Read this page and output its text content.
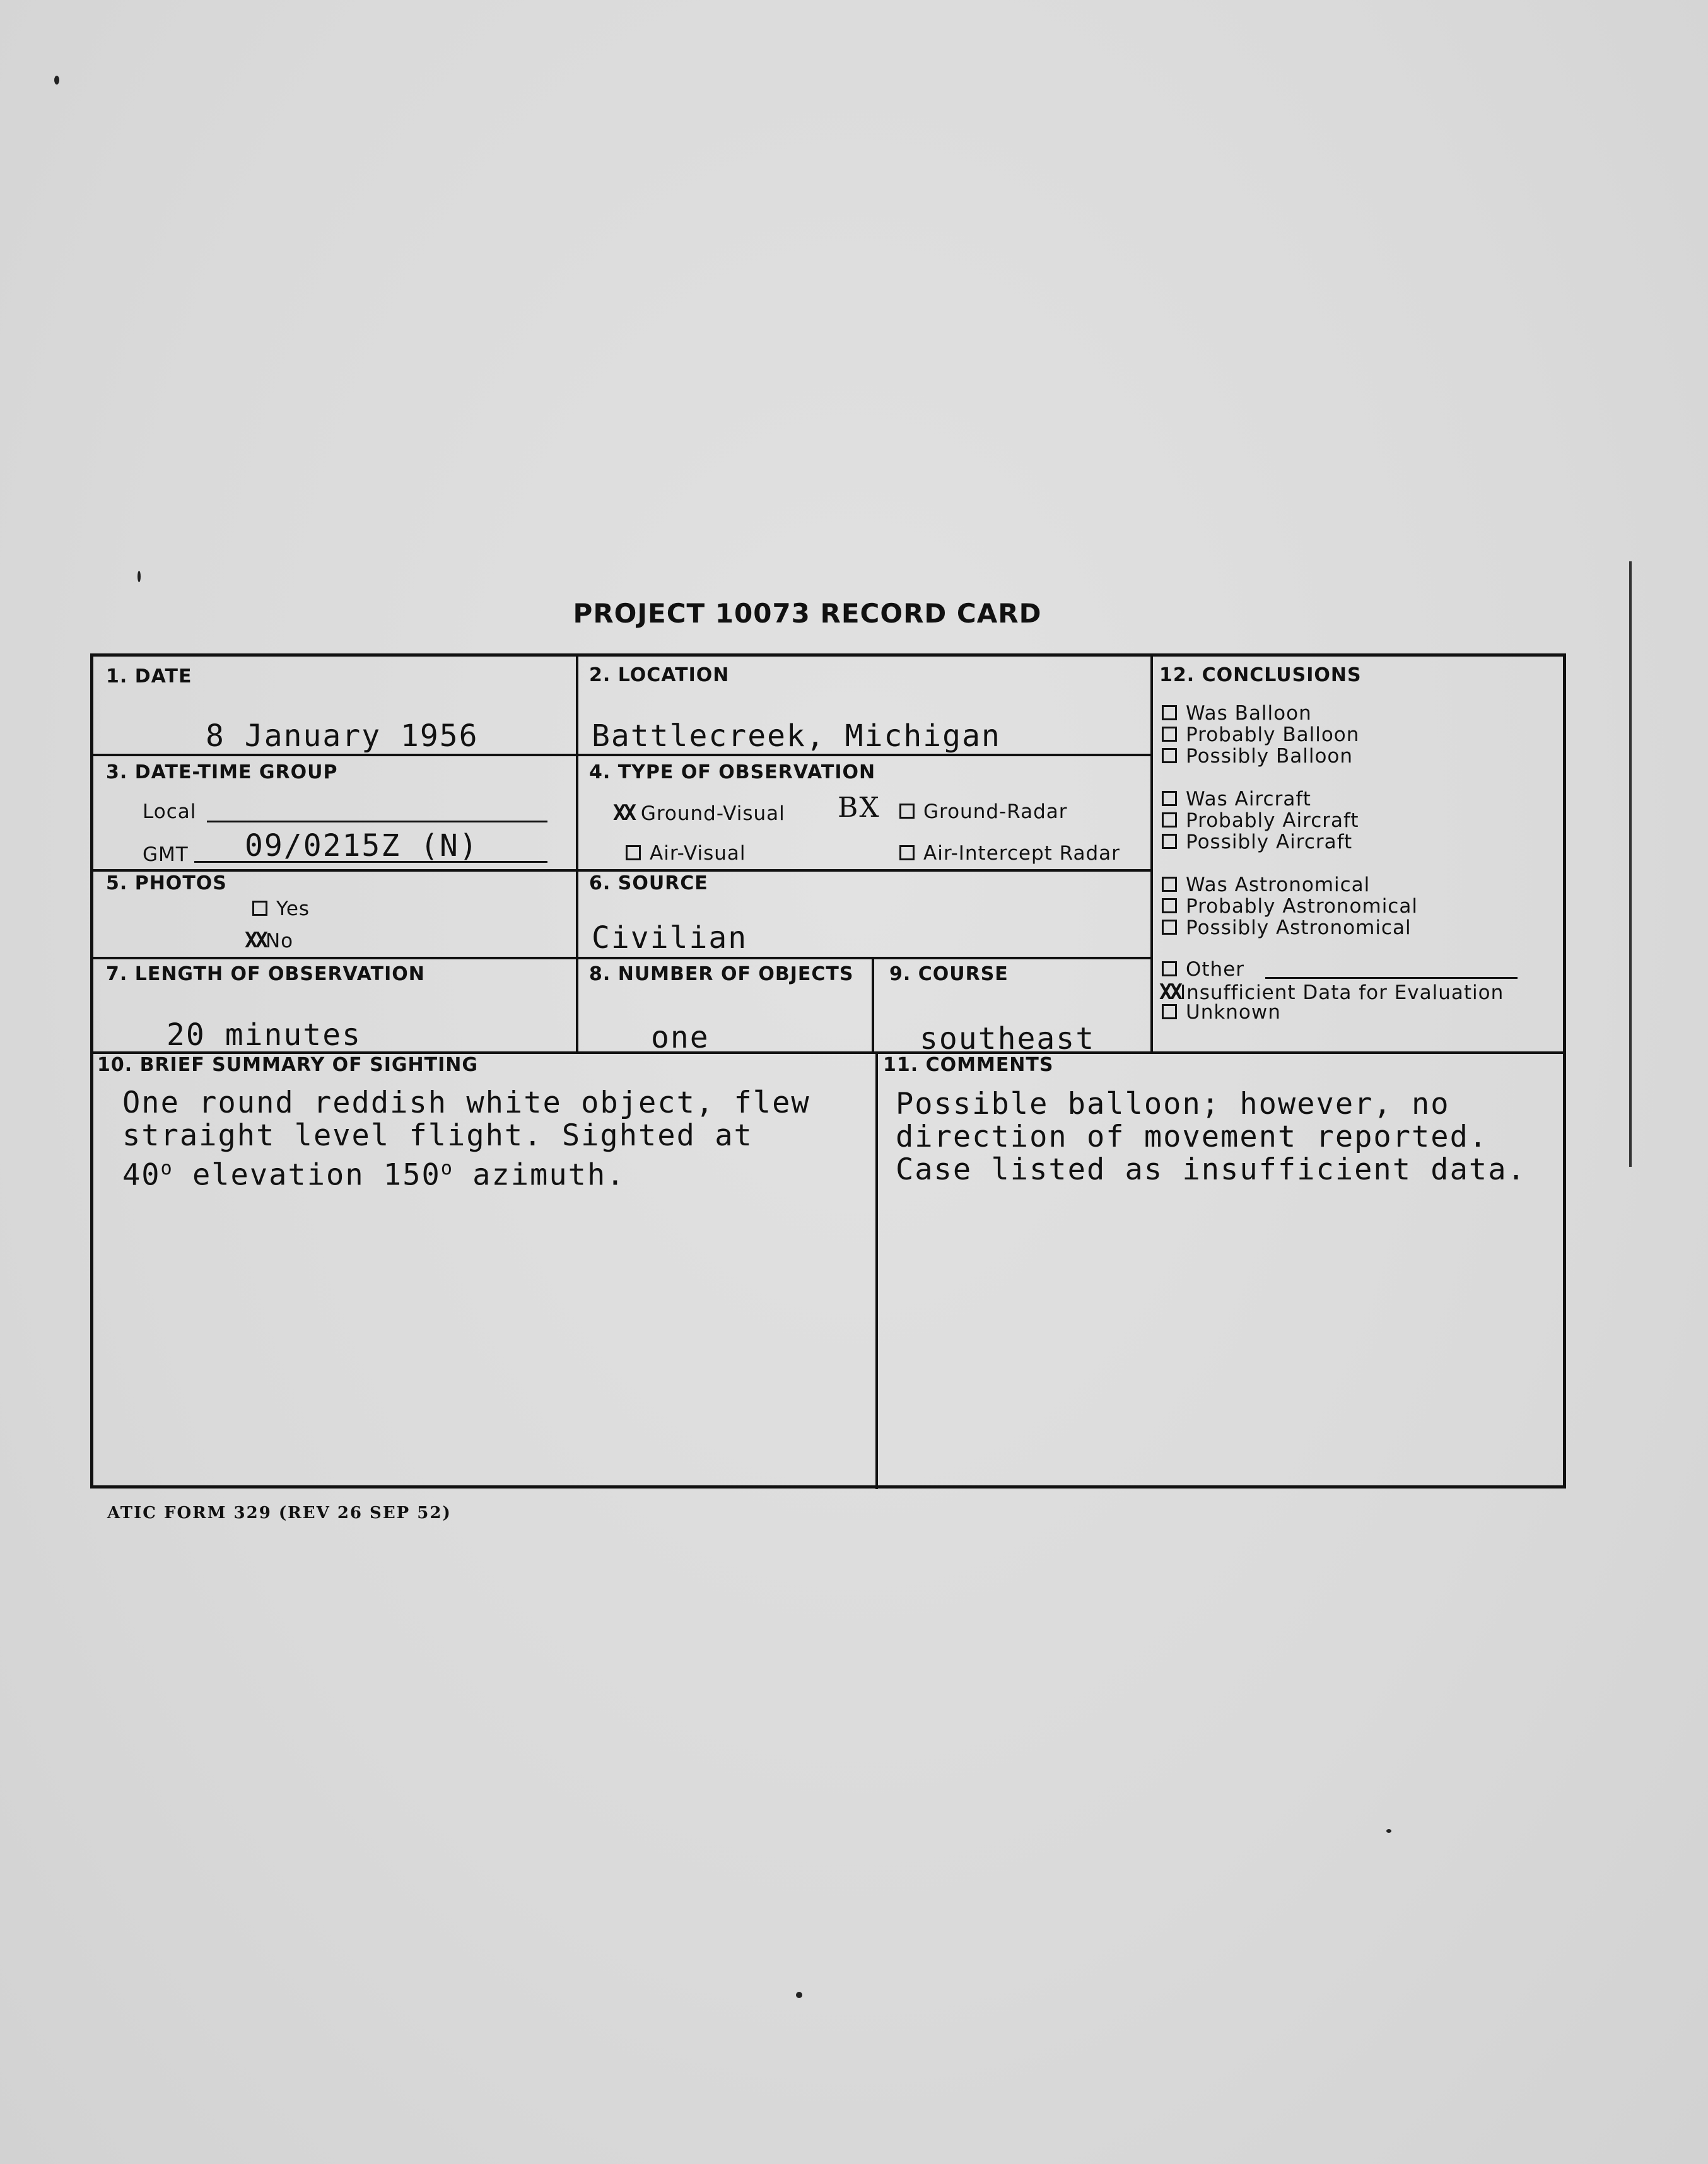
PROJECT 10073 RECORD CARD
1. DATE
8 January 1956
2. LOCATION
Battlecreek, Michigan
3. DATE-TIME GROUP
Local
GMT 09/0215Z (N)
4. TYPE OF OBSERVATION
XX Ground-Visual BX	Ground-Radar
Air-Visual	Air-Intercept Radar
5. PHOTOS
Yes
XXNo
6. SOURCE
Civilian
7. LENGTH OF OBSERVATION
20 minutes
8. NUMBER OF OBJECTS
one
9. COURSE
southeast
12. CONCLUSIONS
Was Balloon
Probably Balloon
Possibly Balloon
Was Aircraft
Probably Aircraft
Possibly Aircraft
Was Astronomical
Probably Astronomical
Possibly Astronomical
Other
XXInsufficient Data for Evaluation
Unknown
10. BRIEF SUMMARY OF SIGHTING
One round reddish white object, flew
straight level flight. Sighted at
40$^o$ elevation 150$^o$ azimuth.
11. COMMENTS
Possible balloon; however, no
direction of movement reported.
Case listed as insufficient data.
ATIC FORM 329 (REV 26 SEP 52)
